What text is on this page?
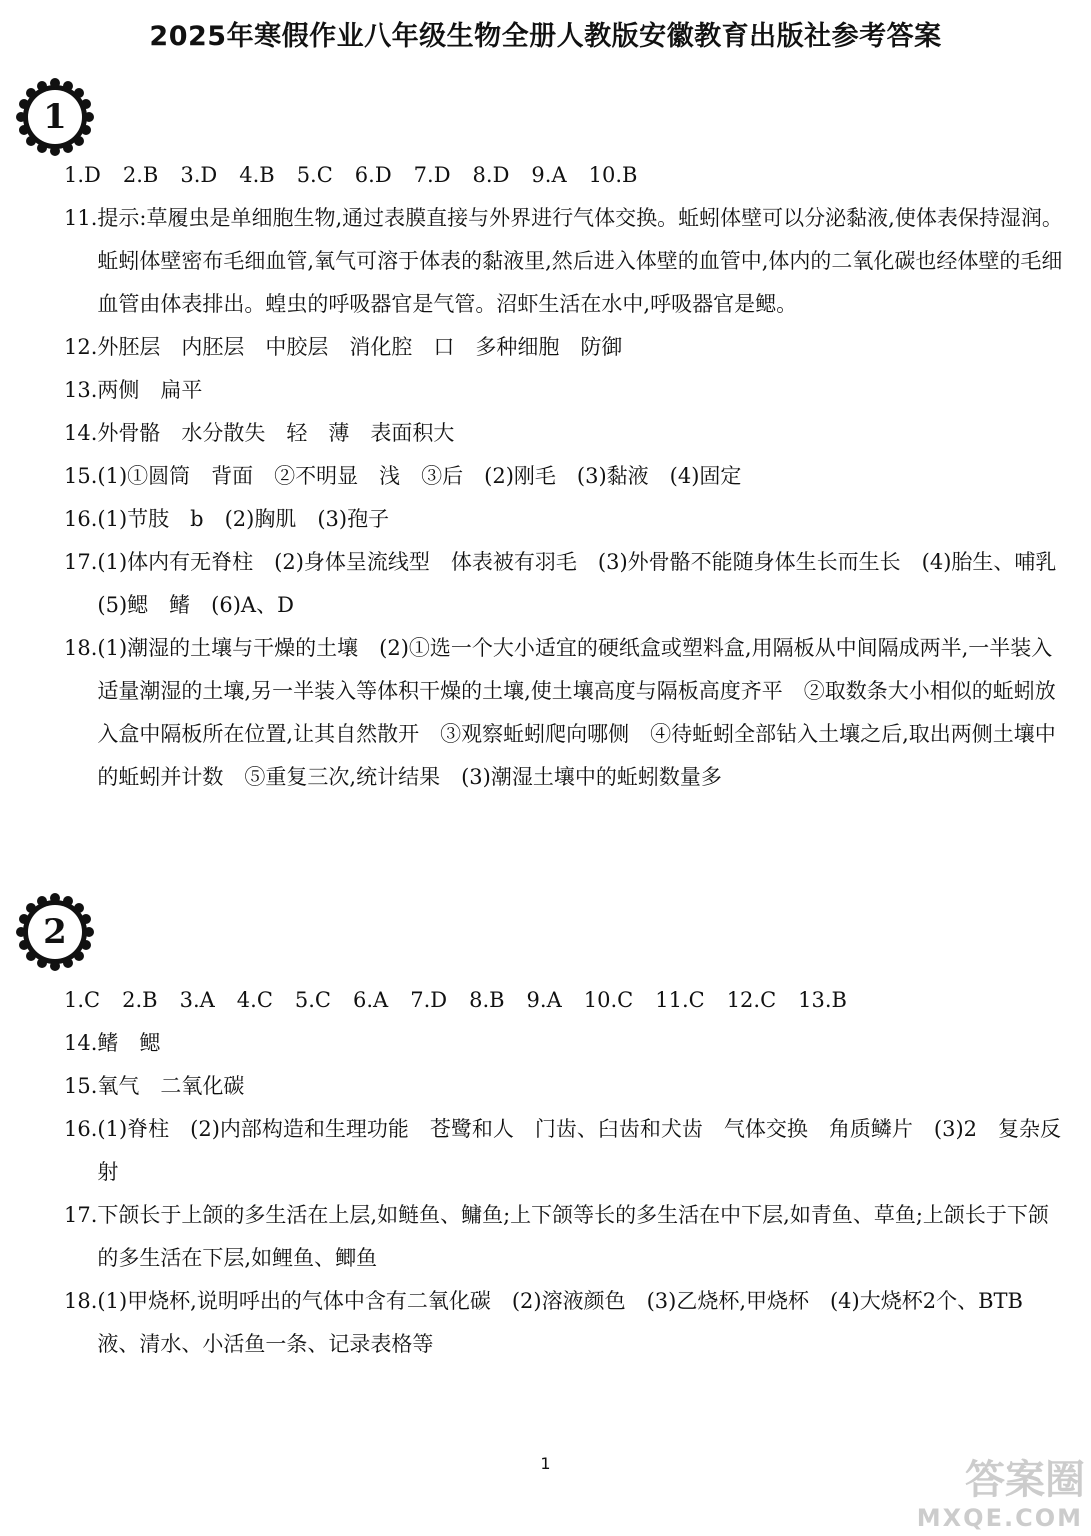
2025年寒假作业八年级生物全册人教版安徽教育出版社参考答案
1
1.D 2.B 3.D 4.B 5.C 6.D 7.D 8.D 9.A 10.B
11. 提示:草履虫是单细胞生物,通过表膜直接与外界进行气体交换。蚯蚓体壁可以分泌黏液,使体表保持湿润。蚯蚓体壁密布毛细血管,氧气可溶于体表的黏液里,然后进入体壁的血管中,体内的二氧化碳也经体壁的毛细血管由体表排出。蝗虫的呼吸器官是气管。沼虾生活在水中,呼吸器官是鳃。
12. 外胚层　内胚层　中胶层　消化腔　口　多种细胞　防御
13. 两侧　扁平
14. 外骨骼　水分散失　轻　薄　表面积大
15. (1)①圆筒　背面　②不明显　浅　③后　(2)刚毛　(3)黏液　(4)固定
16. (1)节肢　b　(2)胸肌　(3)孢子
17. (1)体内有无脊柱　(2)身体呈流线型　体表被有羽毛　(3)外骨骼不能随身体生长而生长　(4)胎生、哺乳　(5)鳃　鳍　(6)A、D
18. (1)潮湿的土壤与干燥的土壤　(2)①选一个大小适宜的硬纸盒或塑料盒,用隔板从中间隔成两半,一半装入适量潮湿的土壤,另一半装入等体积干燥的土壤,使土壤高度与隔板高度齐平　②取数条大小相似的蚯蚓放入盒中隔板所在位置,让其自然散开　③观察蚯蚓爬向哪侧　④待蚯蚓全部钻入土壤之后,取出两侧土壤中的蚯蚓并计数　⑤重复三次,统计结果　(3)潮湿土壤中的蚯蚓数量多
2
1.C 2.B 3.A 4.C 5.C 6.A 7.D 8.B 9.A 10.C 11.C 12.C 13.B
14. 鳍　鳃
15. 氧气　二氧化碳
16. (1)脊柱　(2)内部构造和生理功能　苍鹭和人　门齿、臼齿和犬齿　气体交换　角质鳞片　(3)2　复杂反射
17. 下颌长于上颌的多生活在上层,如鲢鱼、鳙鱼;上下颌等长的多生活在中下层,如青鱼、草鱼;上颌长于下颌的多生活在下层,如鲤鱼、鲫鱼
18. (1)甲烧杯,说明呼出的气体中含有二氧化碳　(2)溶液颜色　(3)乙烧杯,甲烧杯　(4)大烧杯2个、BTB液、清水、小活鱼一条、记录表格等
1	答案圈
MXQE.COM
